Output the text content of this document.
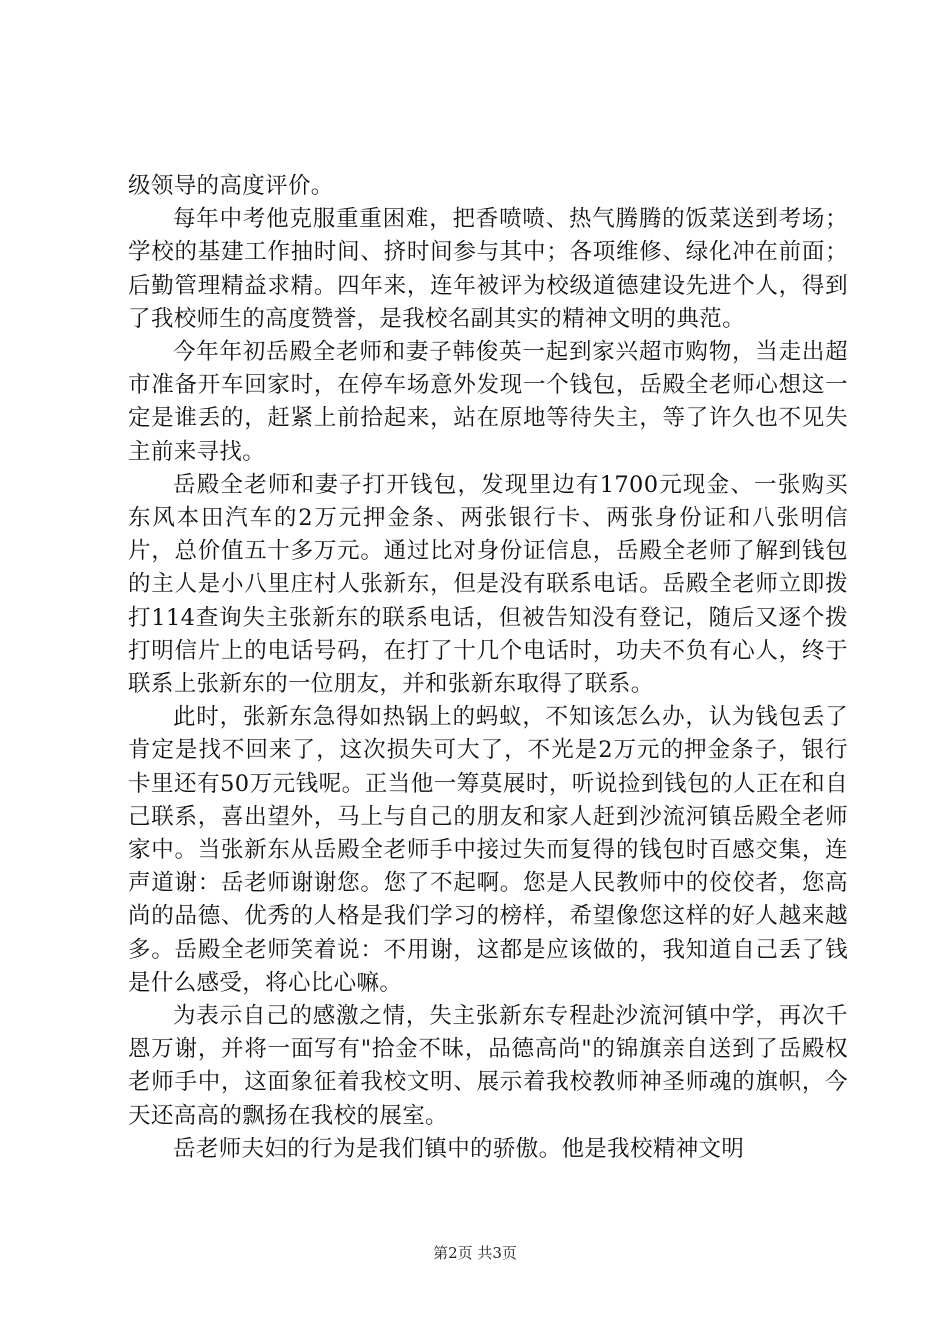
级领导的高度评价。

每年中考他克服重重困难，把香喷喷、热气腾腾的饭菜送到考场；学校的基建工作抽时间、挤时间参与其中；各项维修、绿化冲在前面；后勤管理精益求精。四年来，连年被评为校级道德建设先进个人，得到了我校师生的高度赞誉，是我校名副其实的精神文明的典范。

今年年初岳殿全老师和妻子韩俊英一起到家兴超市购物，当走出超市准备开车回家时，在停车场意外发现一个钱包，岳殿全老师心想这一定是谁丢的，赶紧上前拾起来，站在原地等待失主，等了许久也不见失主前来寻找。

岳殿全老师和妻子打开钱包，发现里边有1700元现金、一张购买东风本田汽车的2万元押金条、两张银行卡、两张身份证和八张明信片，总价值五十多万元。通过比对身份证信息，岳殿全老师了解到钱包的主人是小八里庄村人张新东，但是没有联系电话。岳殿全老师立即拨打114查询失主张新东的联系电话，但被告知没有登记，随后又逐个拨打明信片上的电话号码，在打了十几个电话时，功夫不负有心人，终于联系上张新东的一位朋友，并和张新东取得了联系。

此时，张新东急得如热锅上的蚂蚁，不知该怎么办，认为钱包丢了肯定是找不回来了，这次损失可大了，不光是2万元的押金条子，银行卡里还有50万元钱呢。正当他一筹莫展时，听说捡到钱包的人正在和自己联系，喜出望外，马上与自己的朋友和家人赶到沙流河镇岳殿全老师家中。当张新东从岳殿全老师手中接过失而复得的钱包时百感交集，连声道谢：岳老师谢谢您。您了不起啊。您是人民教师中的佼佼者，您高尚的品德、优秀的人格是我们学习的榜样，希望像您这样的好人越来越多。岳殿全老师笑着说：不用谢，这都是应该做的，我知道自己丢了钱是什么感受，将心比心嘛。

为表示自己的感激之情，失主张新东专程赴沙流河镇中学，再次千恩万谢，并将一面写有"拾金不昧，品德高尚"的锦旗亲自送到了岳殿权老师手中，这面象征着我校文明、展示着我校教师神圣师魂的旗帜，今天还高高的飘扬在我校的展室。

岳老师夫妇的行为是我们镇中的骄傲。他是我校精神文明

第2页 共3页
